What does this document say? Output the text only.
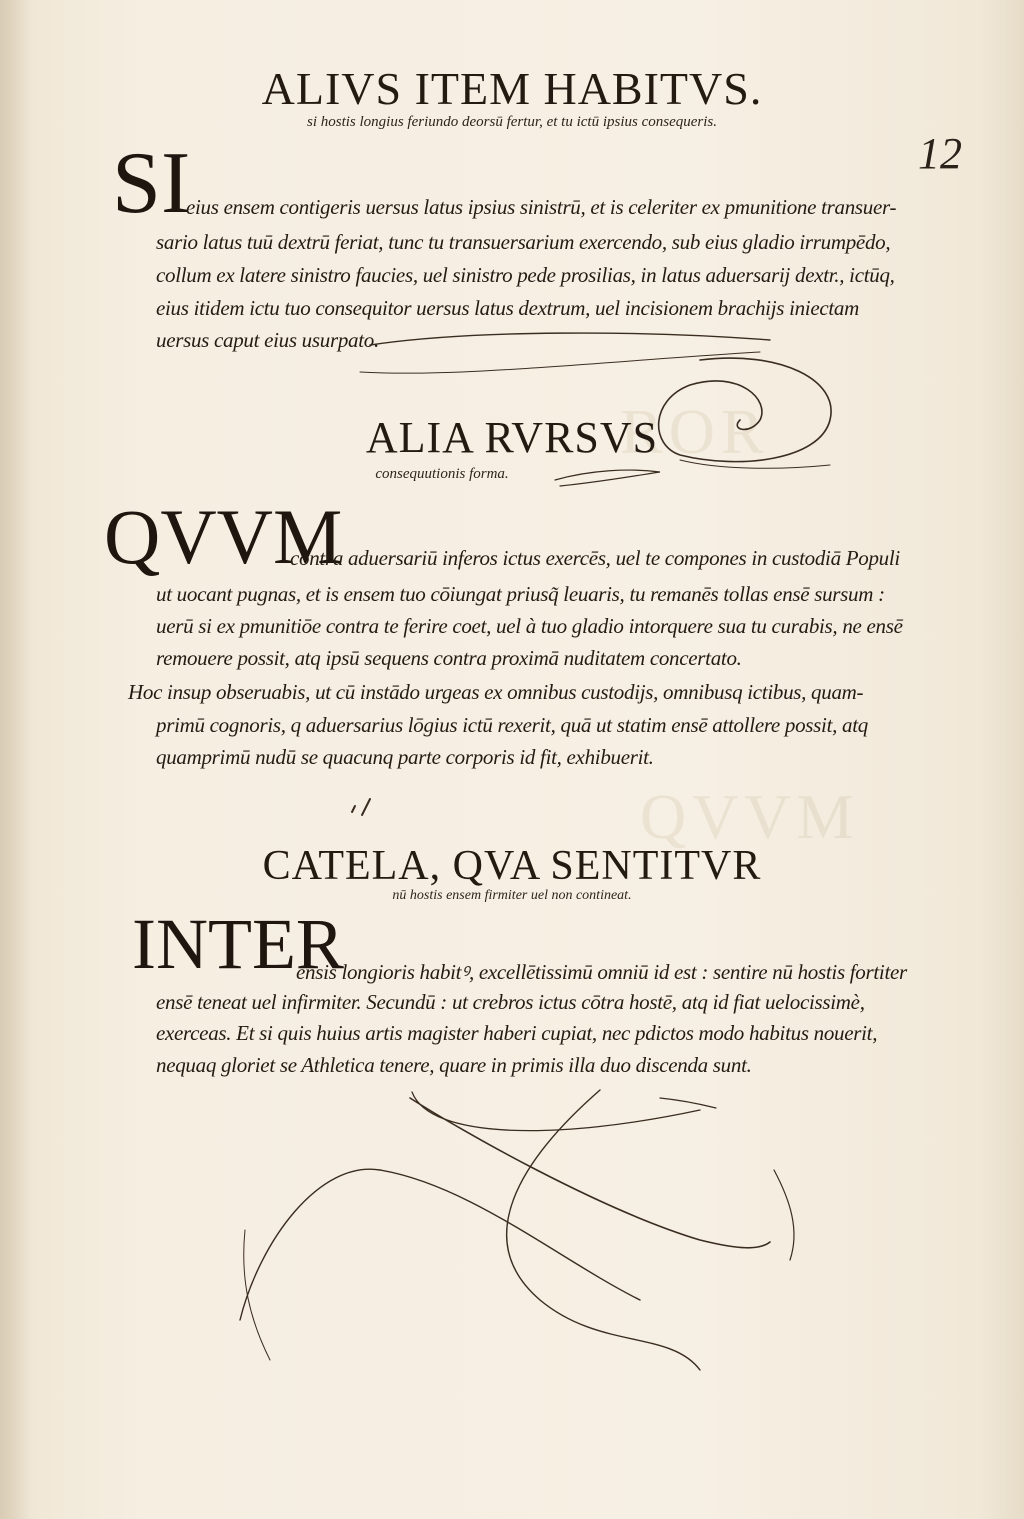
ROR
QVVM
12
ALIVS ITEM HABITVS.
si hostis longius feriundo deorsū fertur, et tu ictū ipsius consequeris.
SI
eius ensem contigeris uersus latus ipsius sinistrū, et is celeriter ex pmunitione transuer-
sario latus tuū dextrū feriat, tunc tu transuersarium exercendo, sub eius gladio irrumpēdo,
collum ex latere sinistro faucies, uel sinistro pede prosilias, in latus aduersarij dextr., ictūq,
eius itidem ictu tuo consequitor uersus latus dextrum, uel incisionem brachijs iniectam
uersus caput eius usurpato.
ALIA RVRSVS
consequutionis forma.
QVVM
contra aduersariū inferos ictus exercēs, uel te compones in custodiā Populi
ut uocant pugnas, et is ensem tuo cōiungat priusq̃ leuaris, tu remanēs tollas ensē sursum :
uerū si ex pmunitiōe contra te ferire coet, uel à tuo gladio intorquere sua tu curabis, ne ensē
remouere possit, atq ipsū sequens contra proximā nuditatem concertato.
Hoc insup obseruabis, ut cū instādo urgeas ex omnibus custodijs, omnibusq ictibus, quam-
primū cognoris, q aduersarius lōgius ictū rexerit, quā ut statim ensē attollere possit, atq
quamprimū nudū se quacunq parte corporis id fit, exhibuerit.
CATELA, QVA SENTITVR
nū hostis ensem firmiter uel non contineat.
INTER
ensis longioris habitꝰ, excellētissimū omniū id est : sentire nū hostis fortiter
ensē teneat uel infirmiter. Secundū : ut crebros ictus cōtra hostē, atq id fiat uelocissimè,
exerceas. Et si quis huius artis magister haberi cupiat, nec pdictos modo habitus nouerit,
nequaq gloriet se Athletica tenere, quare in primis illa duo discenda sunt.
